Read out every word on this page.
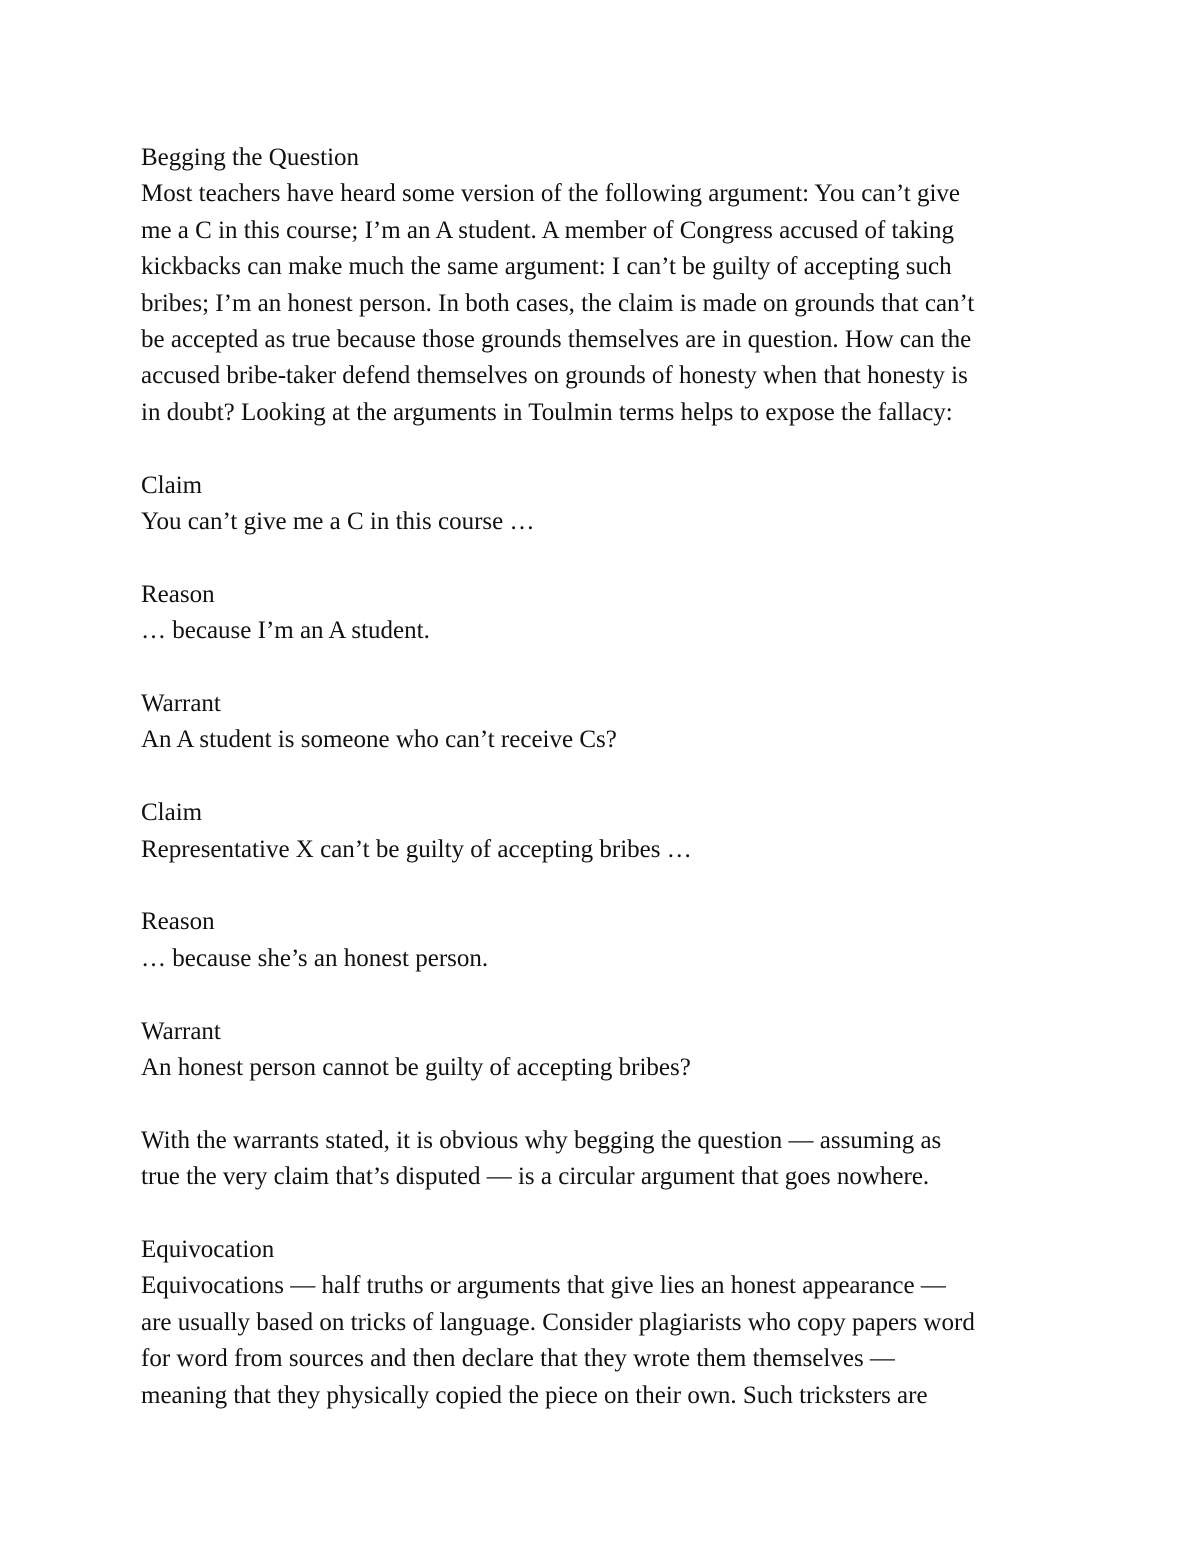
Begging the Question

Most teachers have heard some version of the following argument: You can’t give

me a C in this course; I’m an A student. A member of Congress accused of taking

kickbacks can make much the same argument: I can’t be guilty of accepting such

bribes; I’m an honest person. In both cases, the claim is made on grounds that can’t

be accepted as true because those grounds themselves are in question. How can the

accused bribe-taker defend themselves on grounds of honesty when that honesty is

in doubt? Looking at the arguments in Toulmin terms helps to expose the fallacy:

Claim

You can’t give me a C in this course …

Reason

… because I’m an A student.

Warrant

An A student is someone who can’t receive Cs?

Claim

Representative X can’t be guilty of accepting bribes …

Reason

… because she’s an honest person.

Warrant

An honest person cannot be guilty of accepting bribes?

With the warrants stated, it is obvious why begging the question — assuming as

true the very claim that’s disputed — is a circular argument that goes nowhere.

Equivocation

Equivocations — half truths or arguments that give lies an honest appearance —

are usually based on tricks of language. Consider plagiarists who copy papers word

for word from sources and then declare that they wrote them themselves —

meaning that they physically copied the piece on their own. Such tricksters are
